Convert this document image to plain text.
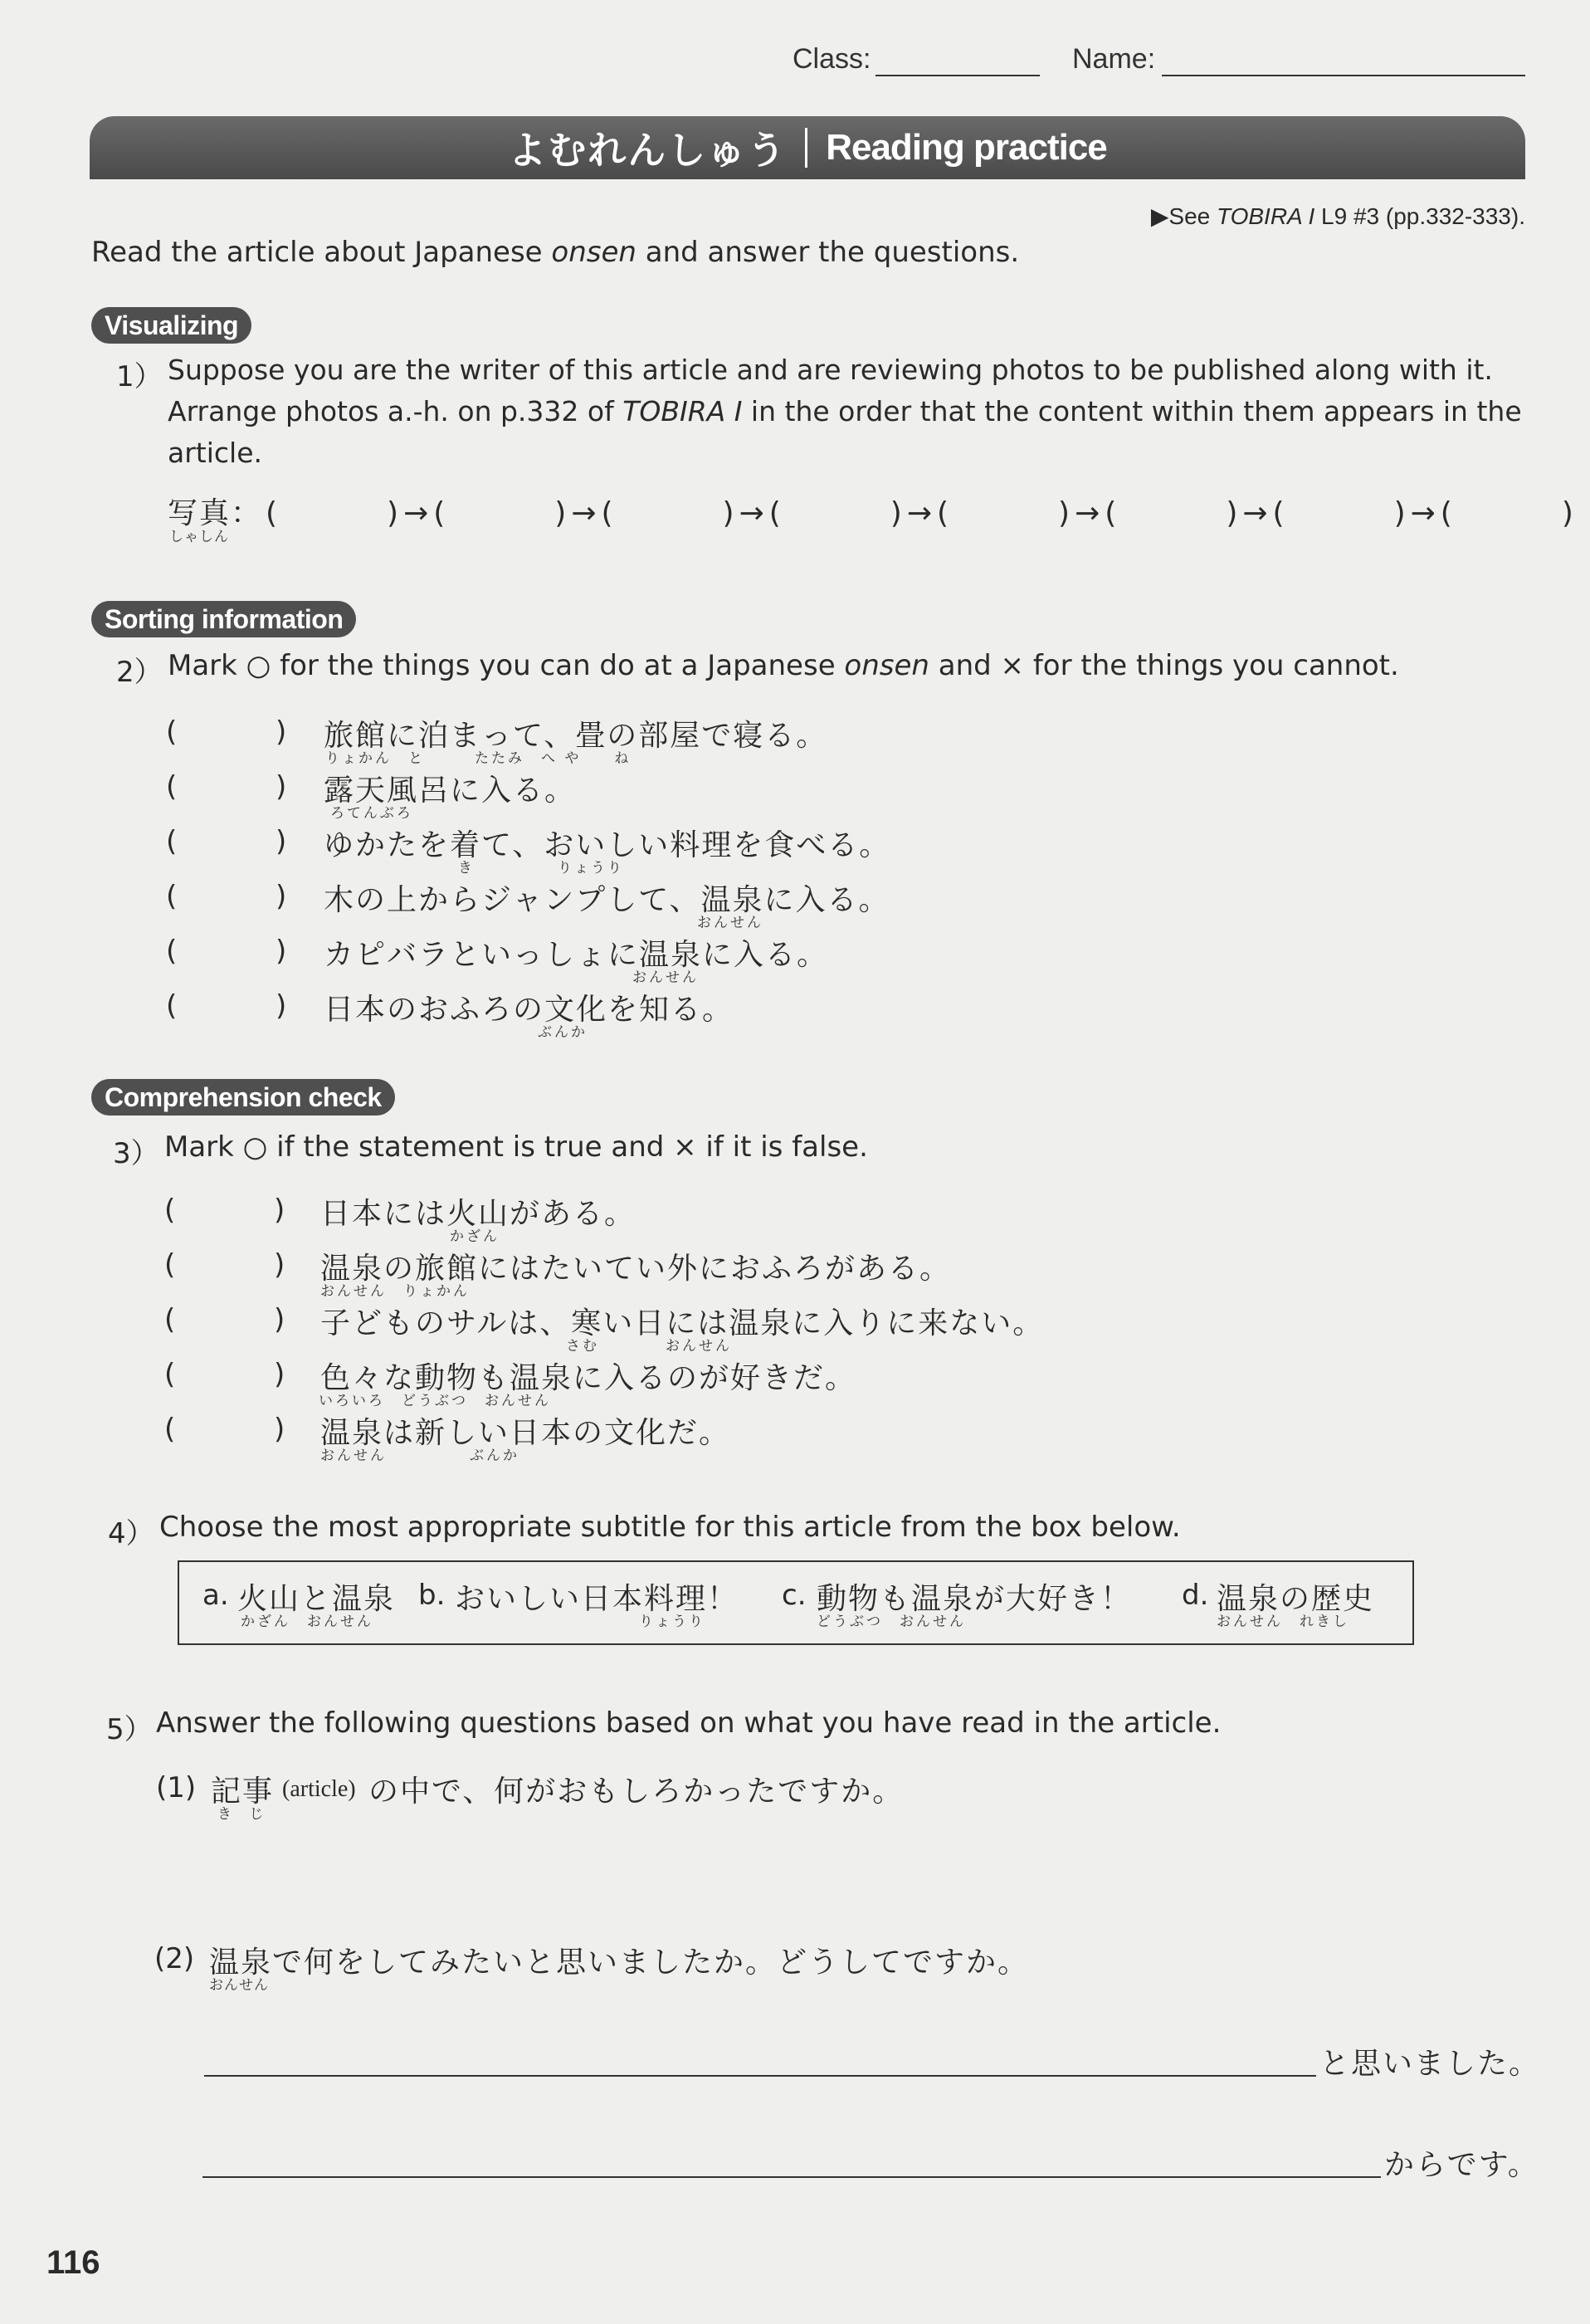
Class:	Name:
よむれんしゅう Reading practice
▶See TOBIRA I L9 #3 (pp.332-333).
Read the article about Japanese onsen and answer the questions.
Visualizing
1） Suppose you are the writer of this article and are reviewing photos to be published along with it.
Arrange photos a.-h. on p.332 of TOBIRA I in the order that the content within them appears in the
article.
写真
しゃしん
：(　　　)→(　　　)→(　　　)→(　　　)→(　　　)→(　　　)→(　　　)→(　　　)
Sorting information
2） Mark ○ for the things you can do at a Japanese onsen and × for the things you cannot.
(	) 旅館に泊まって、畳の部屋で寝る。
りょかん　と　　　たたみ　へ や　　ね
(	) 露天風呂に入る。
ろてんぶろ
(	) ゆかたを着て、おいしい料理を食べる。
き　　　　　りょうり
(	) 木の上からジャンプして、温泉に入る。
おんせん
(	) カピバラといっしょに温泉に入る。
おんせん
(	) 日本のおふろの文化を知る。
ぶんか
Comprehension check
3） Mark ○ if the statement is true and × if it is false.
(	) 日本には火山がある。
かざん
(	) 温泉の旅館にはたいてい外におふろがある。
おんせん　りょかん
(	) 子どものサルは、寒い日には温泉に入りに来ない。
さむ　　　　おんせん
(	) 色々な動物も温泉に入るのが好きだ。
いろいろ　どうぶつ　おんせん
(	) 温泉は新しい日本の文化だ。
おんせん　　　　　ぶんか
4） Choose the most appropriate subtitle for this article from the box below.
a. 火山と温泉
かざん　おんせん
b. おいしい日本料理！
りょうり
c. 動物も温泉が大好き！
どうぶつ　おんせん
d. 温泉の歴史
おんせん　れきし
5） Answer the following questions based on what you have read in the article.
(1) 記事
き じ
(article) の中で、何がおもしろかったですか。
(2) 温泉で何をしてみたいと思いましたか。どうしてですか。
おんせん
と思いました。
からです。
116
